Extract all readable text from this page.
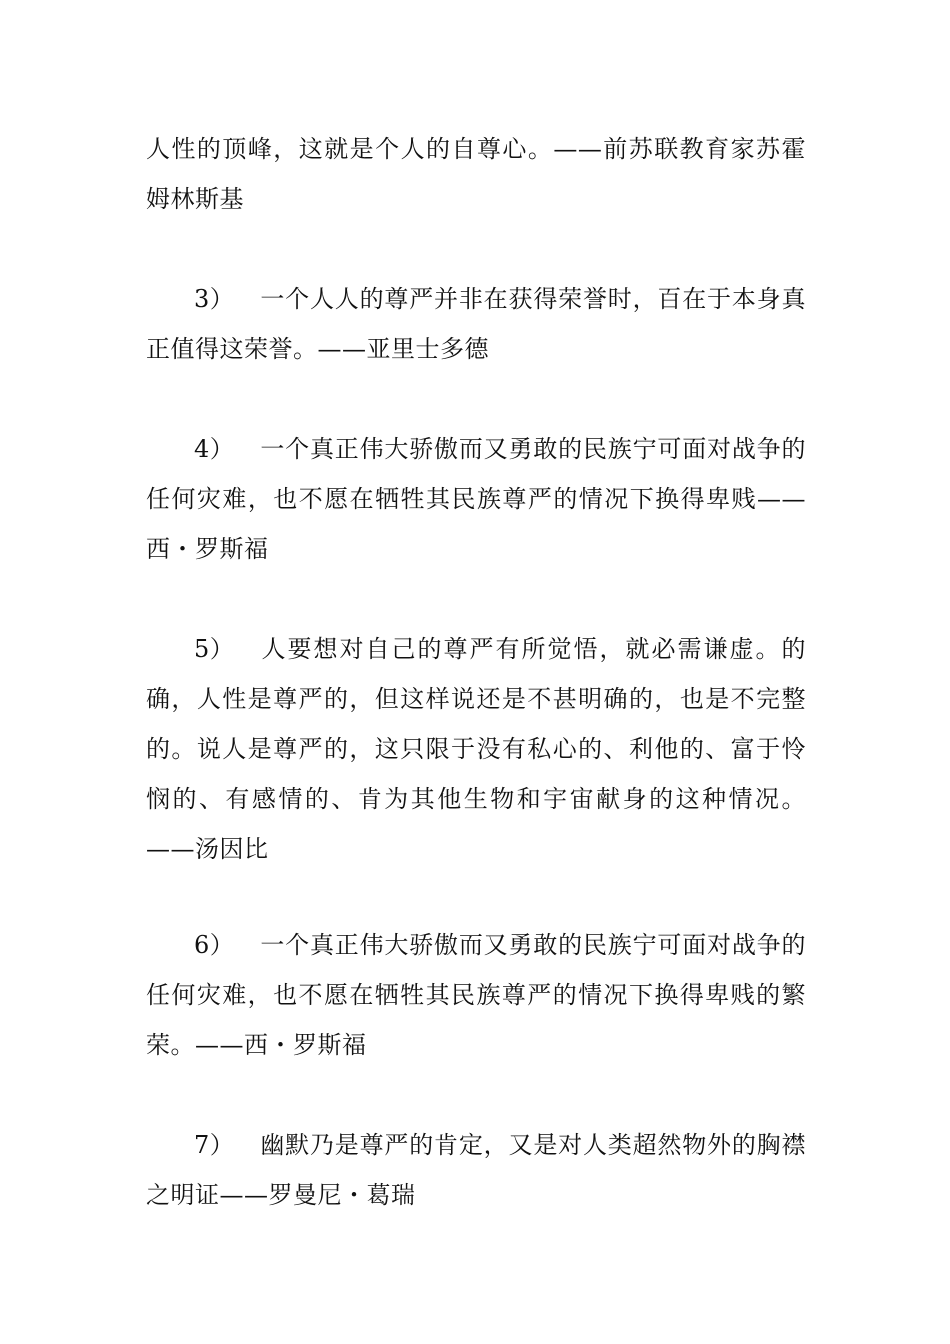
人性的顶峰，这就是个人的自尊心。——前苏联教育家苏霍姆林斯基

3） 一个人人的尊严并非在获得荣誉时，百在于本身真正值得这荣誉。——亚里士多德

4） 一个真正伟大骄傲而又勇敢的民族宁可面对战争的任何灾难，也不愿在牺牲其民族尊严的情况下换得卑贱——西・罗斯福

5） 人要想对自己的尊严有所觉悟，就必需谦虚。的确，人性是尊严的，但这样说还是不甚明确的，也是不完整的。说人是尊严的，这只限于没有私心的、利他的、富于怜悯的、有感情的、肯为其他生物和宇宙献身的这种情况。——汤因比

6） 一个真正伟大骄傲而又勇敢的民族宁可面对战争的任何灾难，也不愿在牺牲其民族尊严的情况下换得卑贱的繁荣。——西・罗斯福

7） 幽默乃是尊严的肯定，又是对人类超然物外的胸襟之明证——罗曼尼・葛瑞
